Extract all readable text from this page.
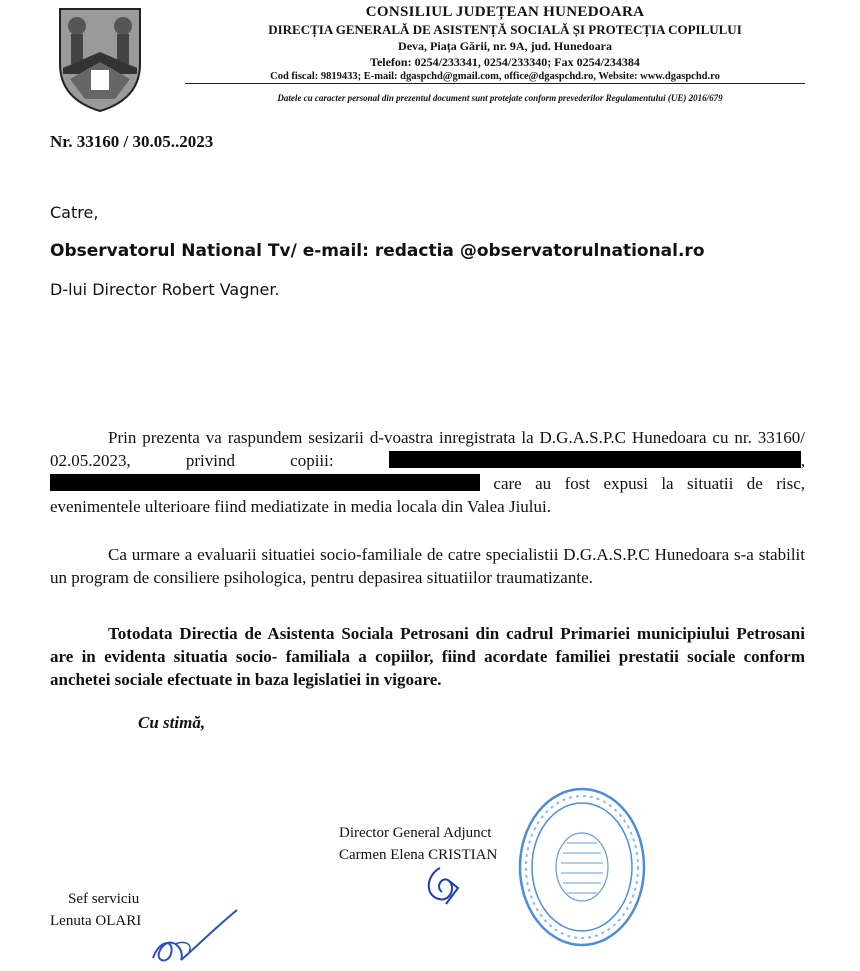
CONSILIUL JUDEȚEAN HUNEDOARA
DIRECȚIA GENERALĂ DE ASISTENȚĂ SOCIALĂ ȘI PROTECȚIA COPILULUI
Deva, Piața Gării, nr. 9A, jud. Hunedoara
Telefon: 0254/233341, 0254/233340; Fax 0254/234384
Cod fiscal: 9819433; E-mail: dgaspchd@gmail.com, office@dgaspchd.ro, Website: www.dgaspchd.ro
Datele cu caracter personal din prezentul document sunt protejate conform prevederilor Regulamentului (UE) 2016/679
Nr. 33160 / 30.05..2023
Catre,
Observatorul National Tv/ e-mail: redactia @observatorulnational.ro
D-lui Director Robert Vagner.
Prin prezenta va raspundem sesizarii d-voastra inregistrata la D.G.A.S.P.C Hunedoara cu nr. 33160/ 02.05.2023, privind copiii:	,  care au fost expusi la situatii de risc, evenimentele ulterioare fiind mediatizate in media locala din Valea Jiului.
Ca urmare a evaluarii situatiei socio-familiale de catre specialistii D.G.A.S.P.C Hunedoara s-a stabilit un program de consiliere psihologica, pentru depasirea situatiilor traumatizante.
Totodata Directia de Asistenta Sociala Petrosani din cadrul Primariei municipiului Petrosani are in evidenta situatia socio- familiala a copiilor, fiind acordate familiei prestatii sociale conform anchetei sociale efectuate in baza legislatiei in vigoare.
Cu stimă,
Director General Adjunct
Carmen Elena CRISTIAN
Sef serviciu
Lenuta OLARI
